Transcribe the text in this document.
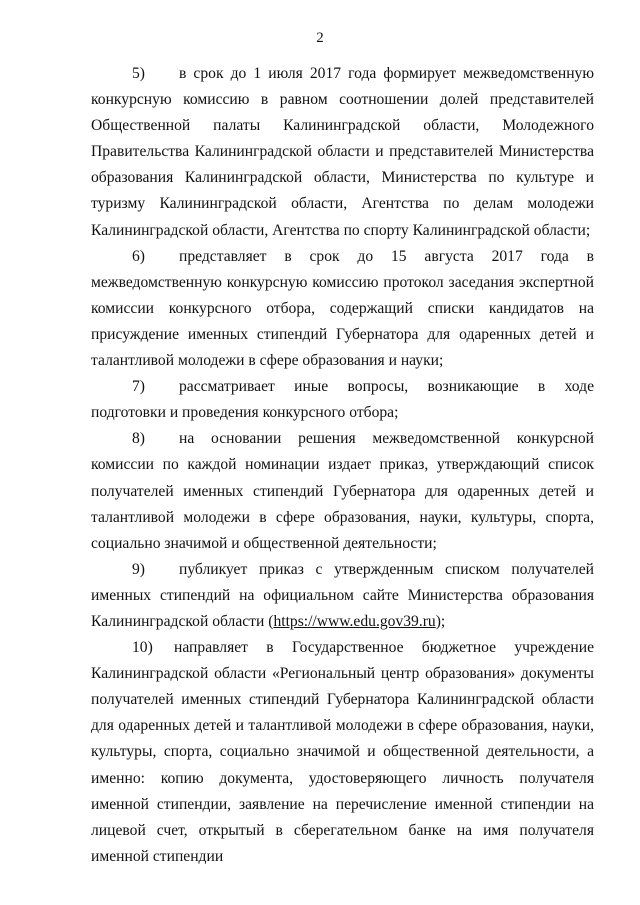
2

5) в срок до 1 июля 2017 года формирует межведомственную конкурсную комиссию в равном соотношении долей представителей Общественной палаты Калининградской области, Молодежного Правительства Калининградской области и представителей Министерства образования Калининградской области, Министерства по культуре и туризму Калининградской области, Агентства по делам молодежи Калининградской области, Агентства по спорту Калининградской области;

6) представляет в срок до 15 августа 2017 года в межведомственную конкурсную комиссию протокол заседания экспертной комиссии конкурсного отбора, содержащий списки кандидатов на присуждение именных стипендий Губернатора для одаренных детей и талантливой молодежи в сфере образования и науки;

7) рассматривает иные вопросы, возникающие в ходе подготовки и проведения конкурсного отбора;

8) на основании решения межведомственной конкурсной комиссии по каждой номинации издает приказ, утверждающий список получателей именных стипендий Губернатора для одаренных детей и талантливой молодежи в сфере образования, науки, культуры, спорта, социально значимой и общественной деятельности;

9) публикует приказ с утвержденным списком получателей именных стипендий на официальном сайте Министерства образования Калининградской области (https://www.edu.gov39.ru);

10) направляет в Государственное бюджетное учреждение Калининградской области «Региональный центр образования» документы получателей именных стипендий Губернатора Калининградской области для одаренных детей и талантливой молодежи в сфере образования, науки, культуры, спорта, социально значимой и общественной деятельности, а именно: копию документа, удостоверяющего личность получателя именной стипендии, заявление на перечисление именной стипендии на лицевой счет, открытый в сберегательном банке на имя получателя именной стипендии
